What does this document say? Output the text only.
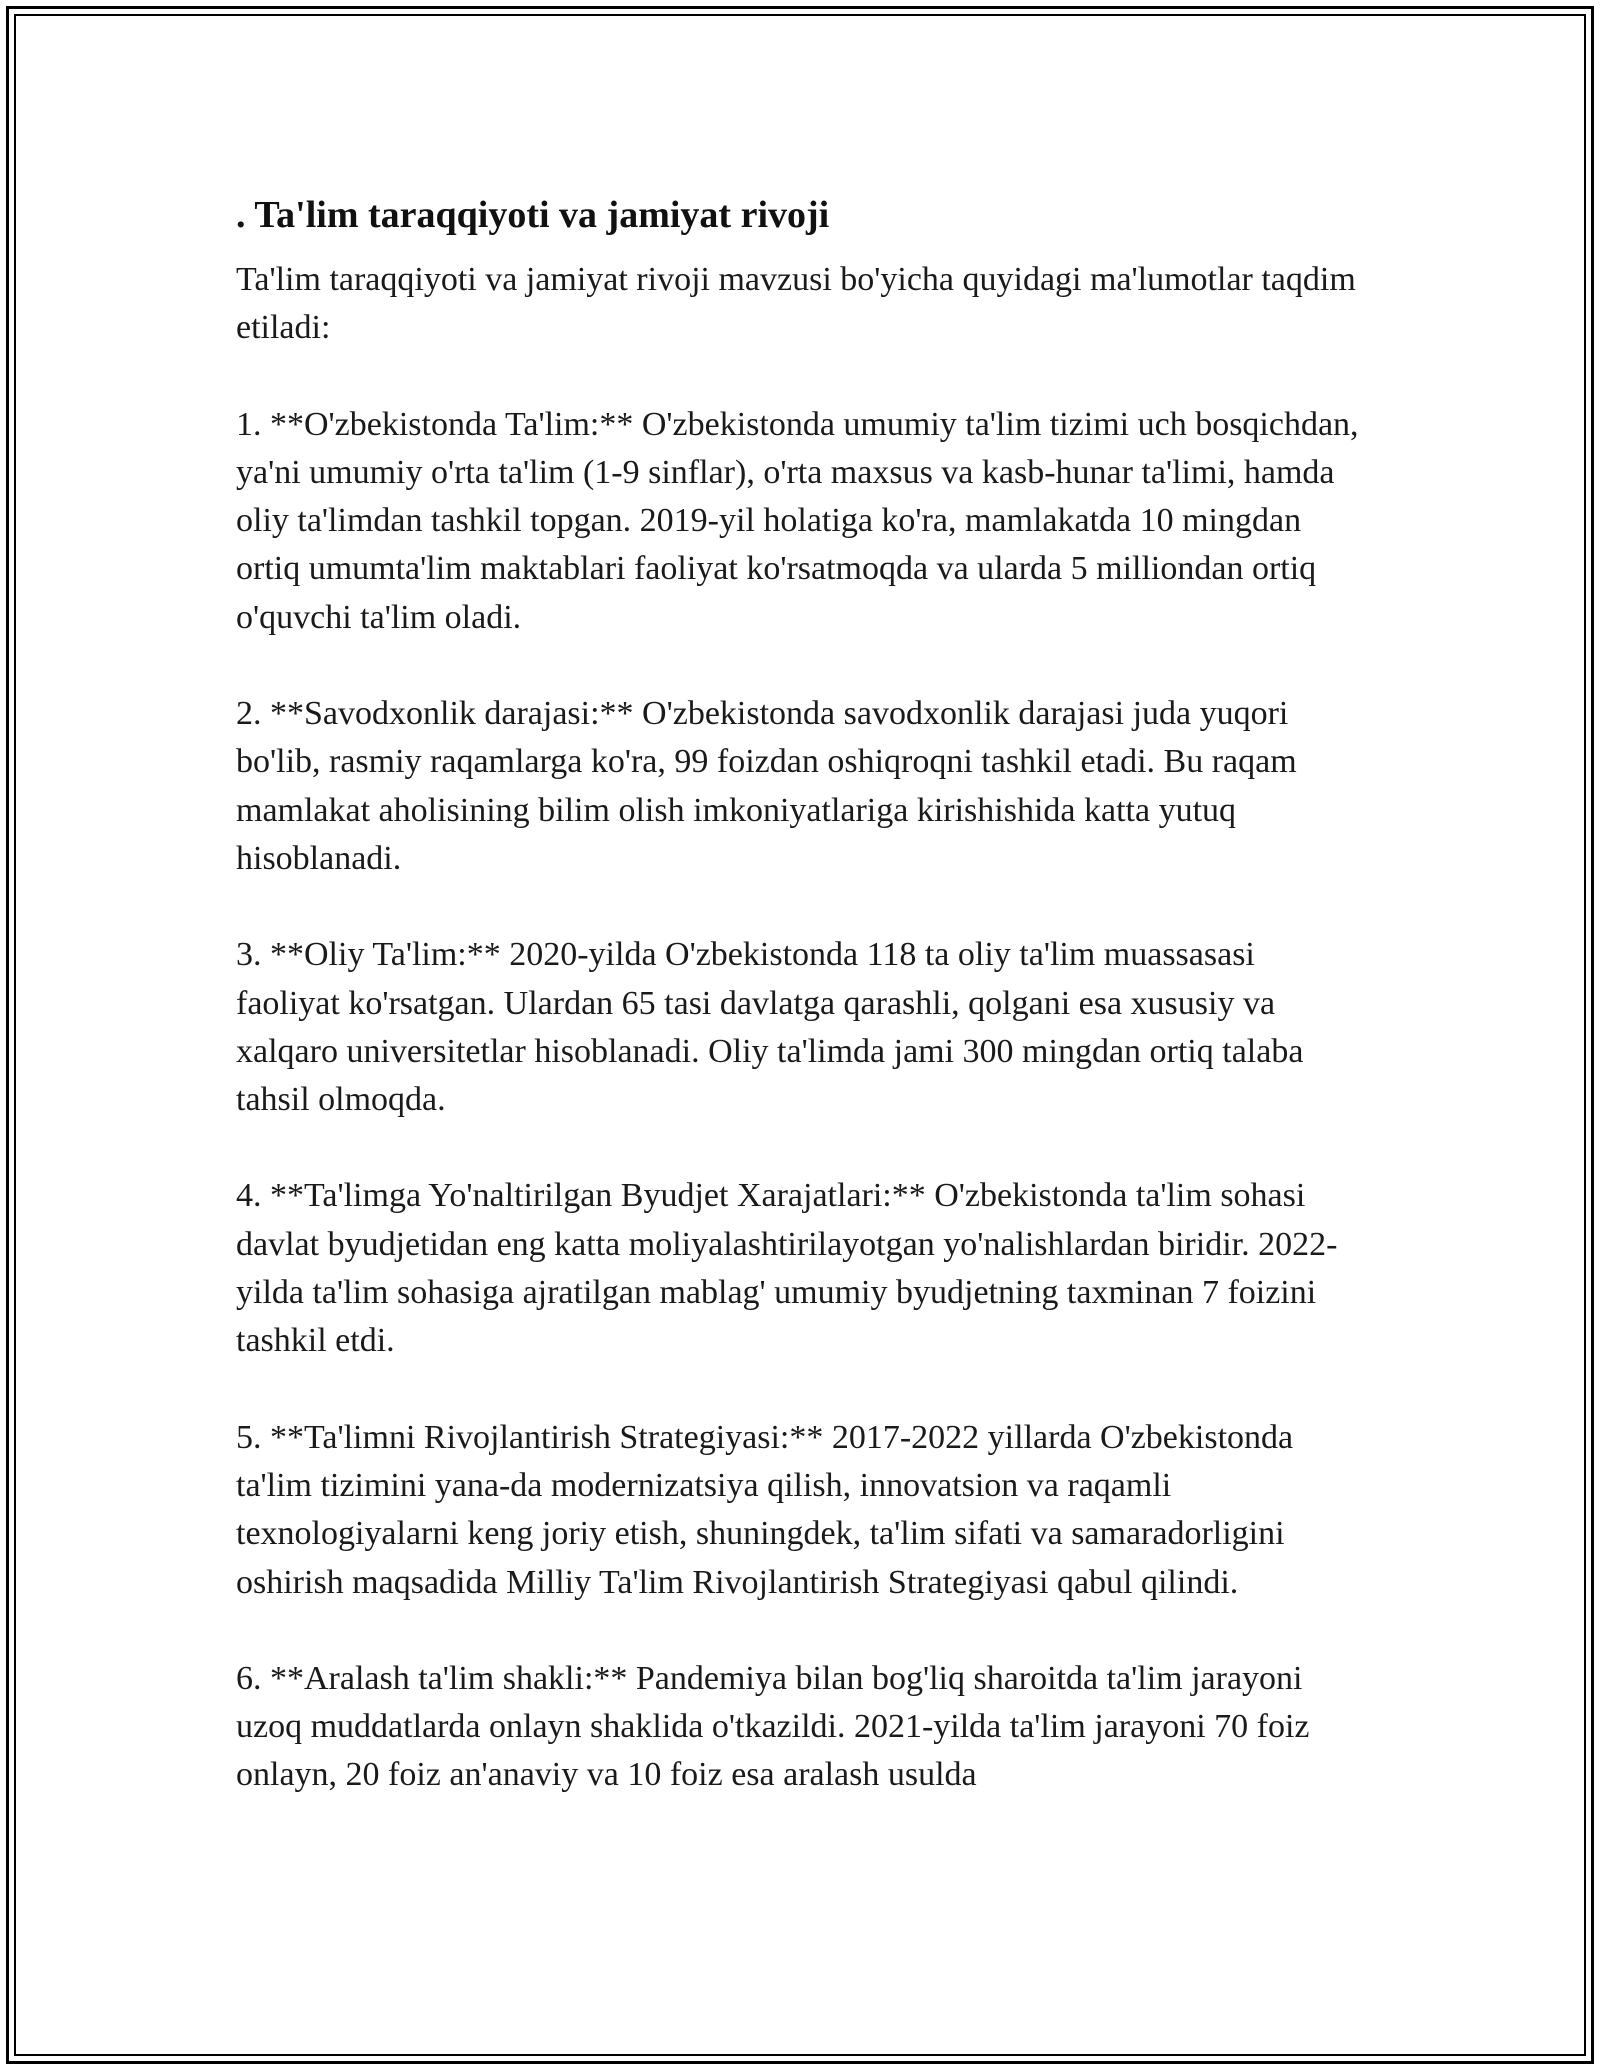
. Ta'lim taraqqiyoti va jamiyat rivoji

Ta'lim taraqqiyoti va jamiyat rivoji mavzusi bo'yicha quyidagi ma'lumotlar taqdim etiladi:

1. **O'zbekistonda Ta'lim:** O'zbekistonda umumiy ta'lim tizimi uch bosqichdan, ya'ni umumiy o'rta ta'lim (1-9 sinflar), o'rta maxsus va kasb-hunar ta'limi, hamda oliy ta'limdan tashkil topgan. 2019-yil holatiga ko'ra, mamlakatda 10 mingdan ortiq umumta'lim maktablari faoliyat ko'rsatmoqda va ularda 5 milliondan ortiq o'quvchi ta'lim oladi.

2. **Savodxonlik darajasi:** O'zbekistonda savodxonlik darajasi juda yuqori bo'lib, rasmiy raqamlarga ko'ra, 99 foizdan oshiqroqni tashkil etadi. Bu raqam mamlakat aholisining bilim olish imkoniyatlariga kirishishida katta yutuq hisoblanadi.

3. **Oliy Ta'lim:** 2020-yilda O'zbekistonda 118 ta oliy ta'lim muassasasi faoliyat ko'rsatgan. Ulardan 65 tasi davlatga qarashli, qolgani esa xususiy va xalqaro universitetlar hisoblanadi. Oliy ta'limda jami 300 mingdan ortiq talaba tahsil olmoqda.

4. **Ta'limga Yo'naltirilgan Byudjet Xarajatlari:** O'zbekistonda ta'lim sohasi davlat byudjetidan eng katta moliyalashtirilayotgan yo'nalishlardan biridir. 2022-yilda ta'lim sohasiga ajratilgan mablag' umumiy byudjetning taxminan 7 foizini tashkil etdi.

5. **Ta'limni Rivojlantirish Strategiyasi:** 2017-2022 yillarda O'zbekistonda ta'lim tizimini yana-da modernizatsiya qilish, innovatsion va raqamli texnologiyalarni keng joriy etish, shuningdek, ta'lim sifati va samaradorligini oshirish maqsadida Milliy Ta'lim Rivojlantirish Strategiyasi qabul qilindi.

6. **Aralash ta'lim shakli:** Pandemiya bilan bog'liq sharoitda ta'lim jarayoni uzoq muddatlarda onlayn shaklida o'tkazildi. 2021-yilda ta'lim jarayoni 70 foiz onlayn, 20 foiz an'anaviy va 10 foiz esa aralash usulda
